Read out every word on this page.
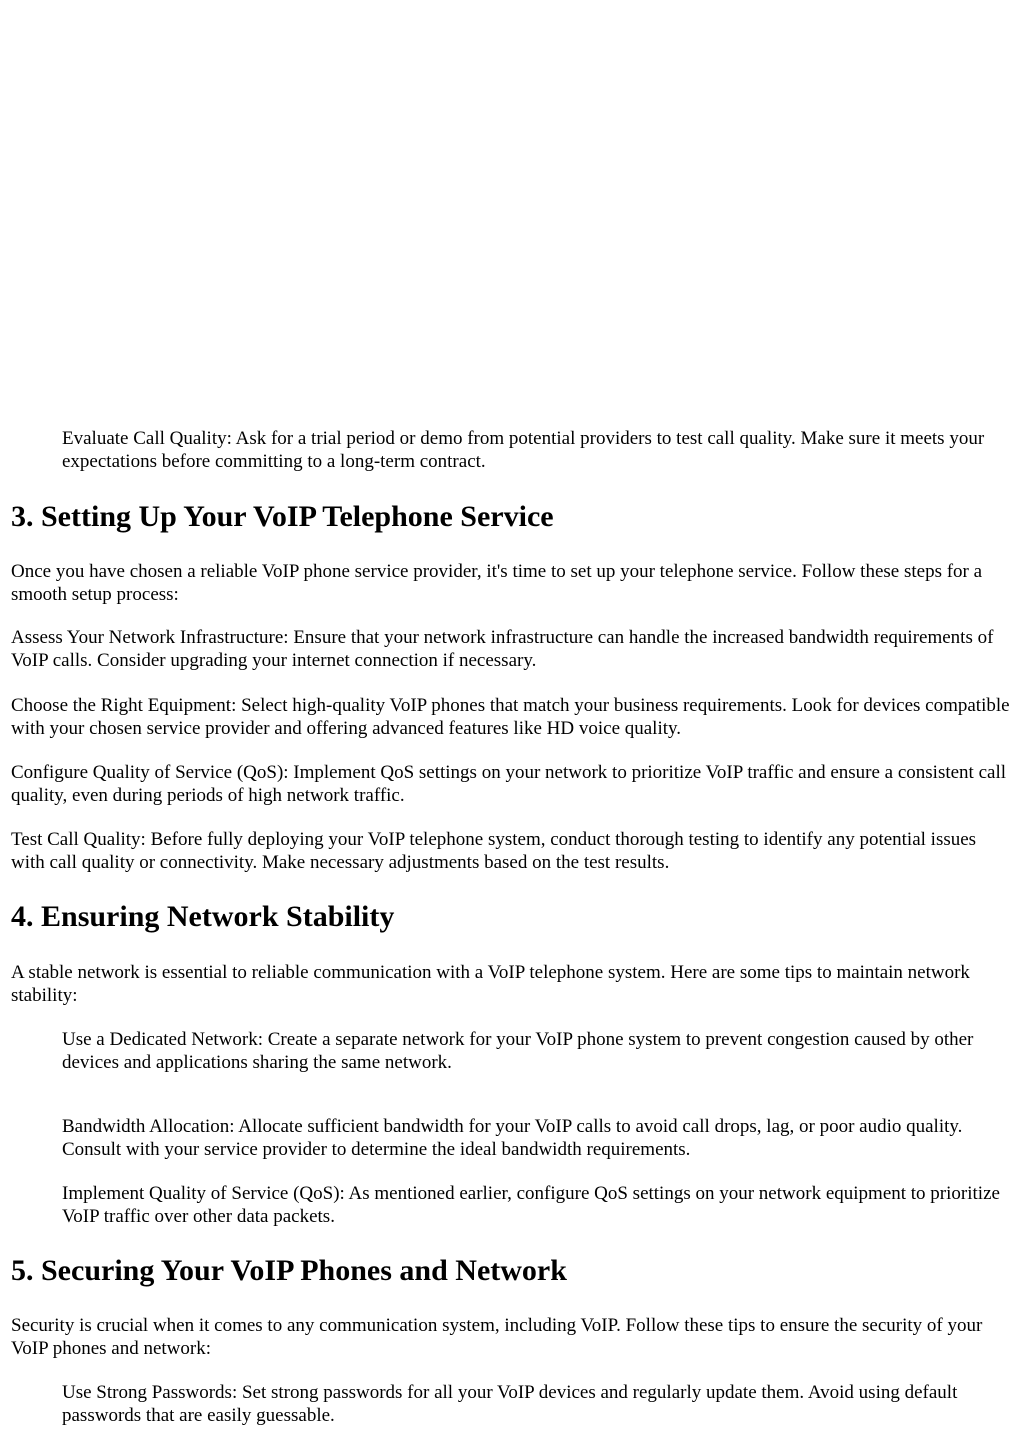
Evaluate Call Quality: Ask for a trial period or demo from potential providers to test call quality. Make sure it meets your expectations before committing to a long-term contract.

3. Setting Up Your VoIP Telephone Service

Once you have chosen a reliable VoIP phone service provider, it's time to set up your telephone service. Follow these steps for a smooth setup process:

Assess Your Network Infrastructure: Ensure that your network infrastructure can handle the increased bandwidth requirements of VoIP calls. Consider upgrading your internet connection if necessary.

Choose the Right Equipment: Select high-quality VoIP phones that match your business requirements. Look for devices compatible with your chosen service provider and offering advanced features like HD voice quality.

Configure Quality of Service (QoS): Implement QoS settings on your network to prioritize VoIP traffic and ensure a consistent call quality, even during periods of high network traffic.

Test Call Quality: Before fully deploying your VoIP telephone system, conduct thorough testing to identify any potential issues with call quality or connectivity. Make necessary adjustments based on the test results.

4. Ensuring Network Stability

A stable network is essential to reliable communication with a VoIP telephone system. Here are some tips to maintain network stability:

Use a Dedicated Network: Create a separate network for your VoIP phone system to prevent congestion caused by other devices and applications sharing the same network.

Bandwidth Allocation: Allocate sufficient bandwidth for your VoIP calls to avoid call drops, lag, or poor audio quality. Consult with your service provider to determine the ideal bandwidth requirements.

Implement Quality of Service (QoS): As mentioned earlier, configure QoS settings on your network equipment to prioritize VoIP traffic over other data packets.

5. Securing Your VoIP Phones and Network

Security is crucial when it comes to any communication system, including VoIP. Follow these tips to ensure the security of your VoIP phones and network:

Use Strong Passwords: Set strong passwords for all your VoIP devices and regularly update them. Avoid using default passwords that are easily guessable.
